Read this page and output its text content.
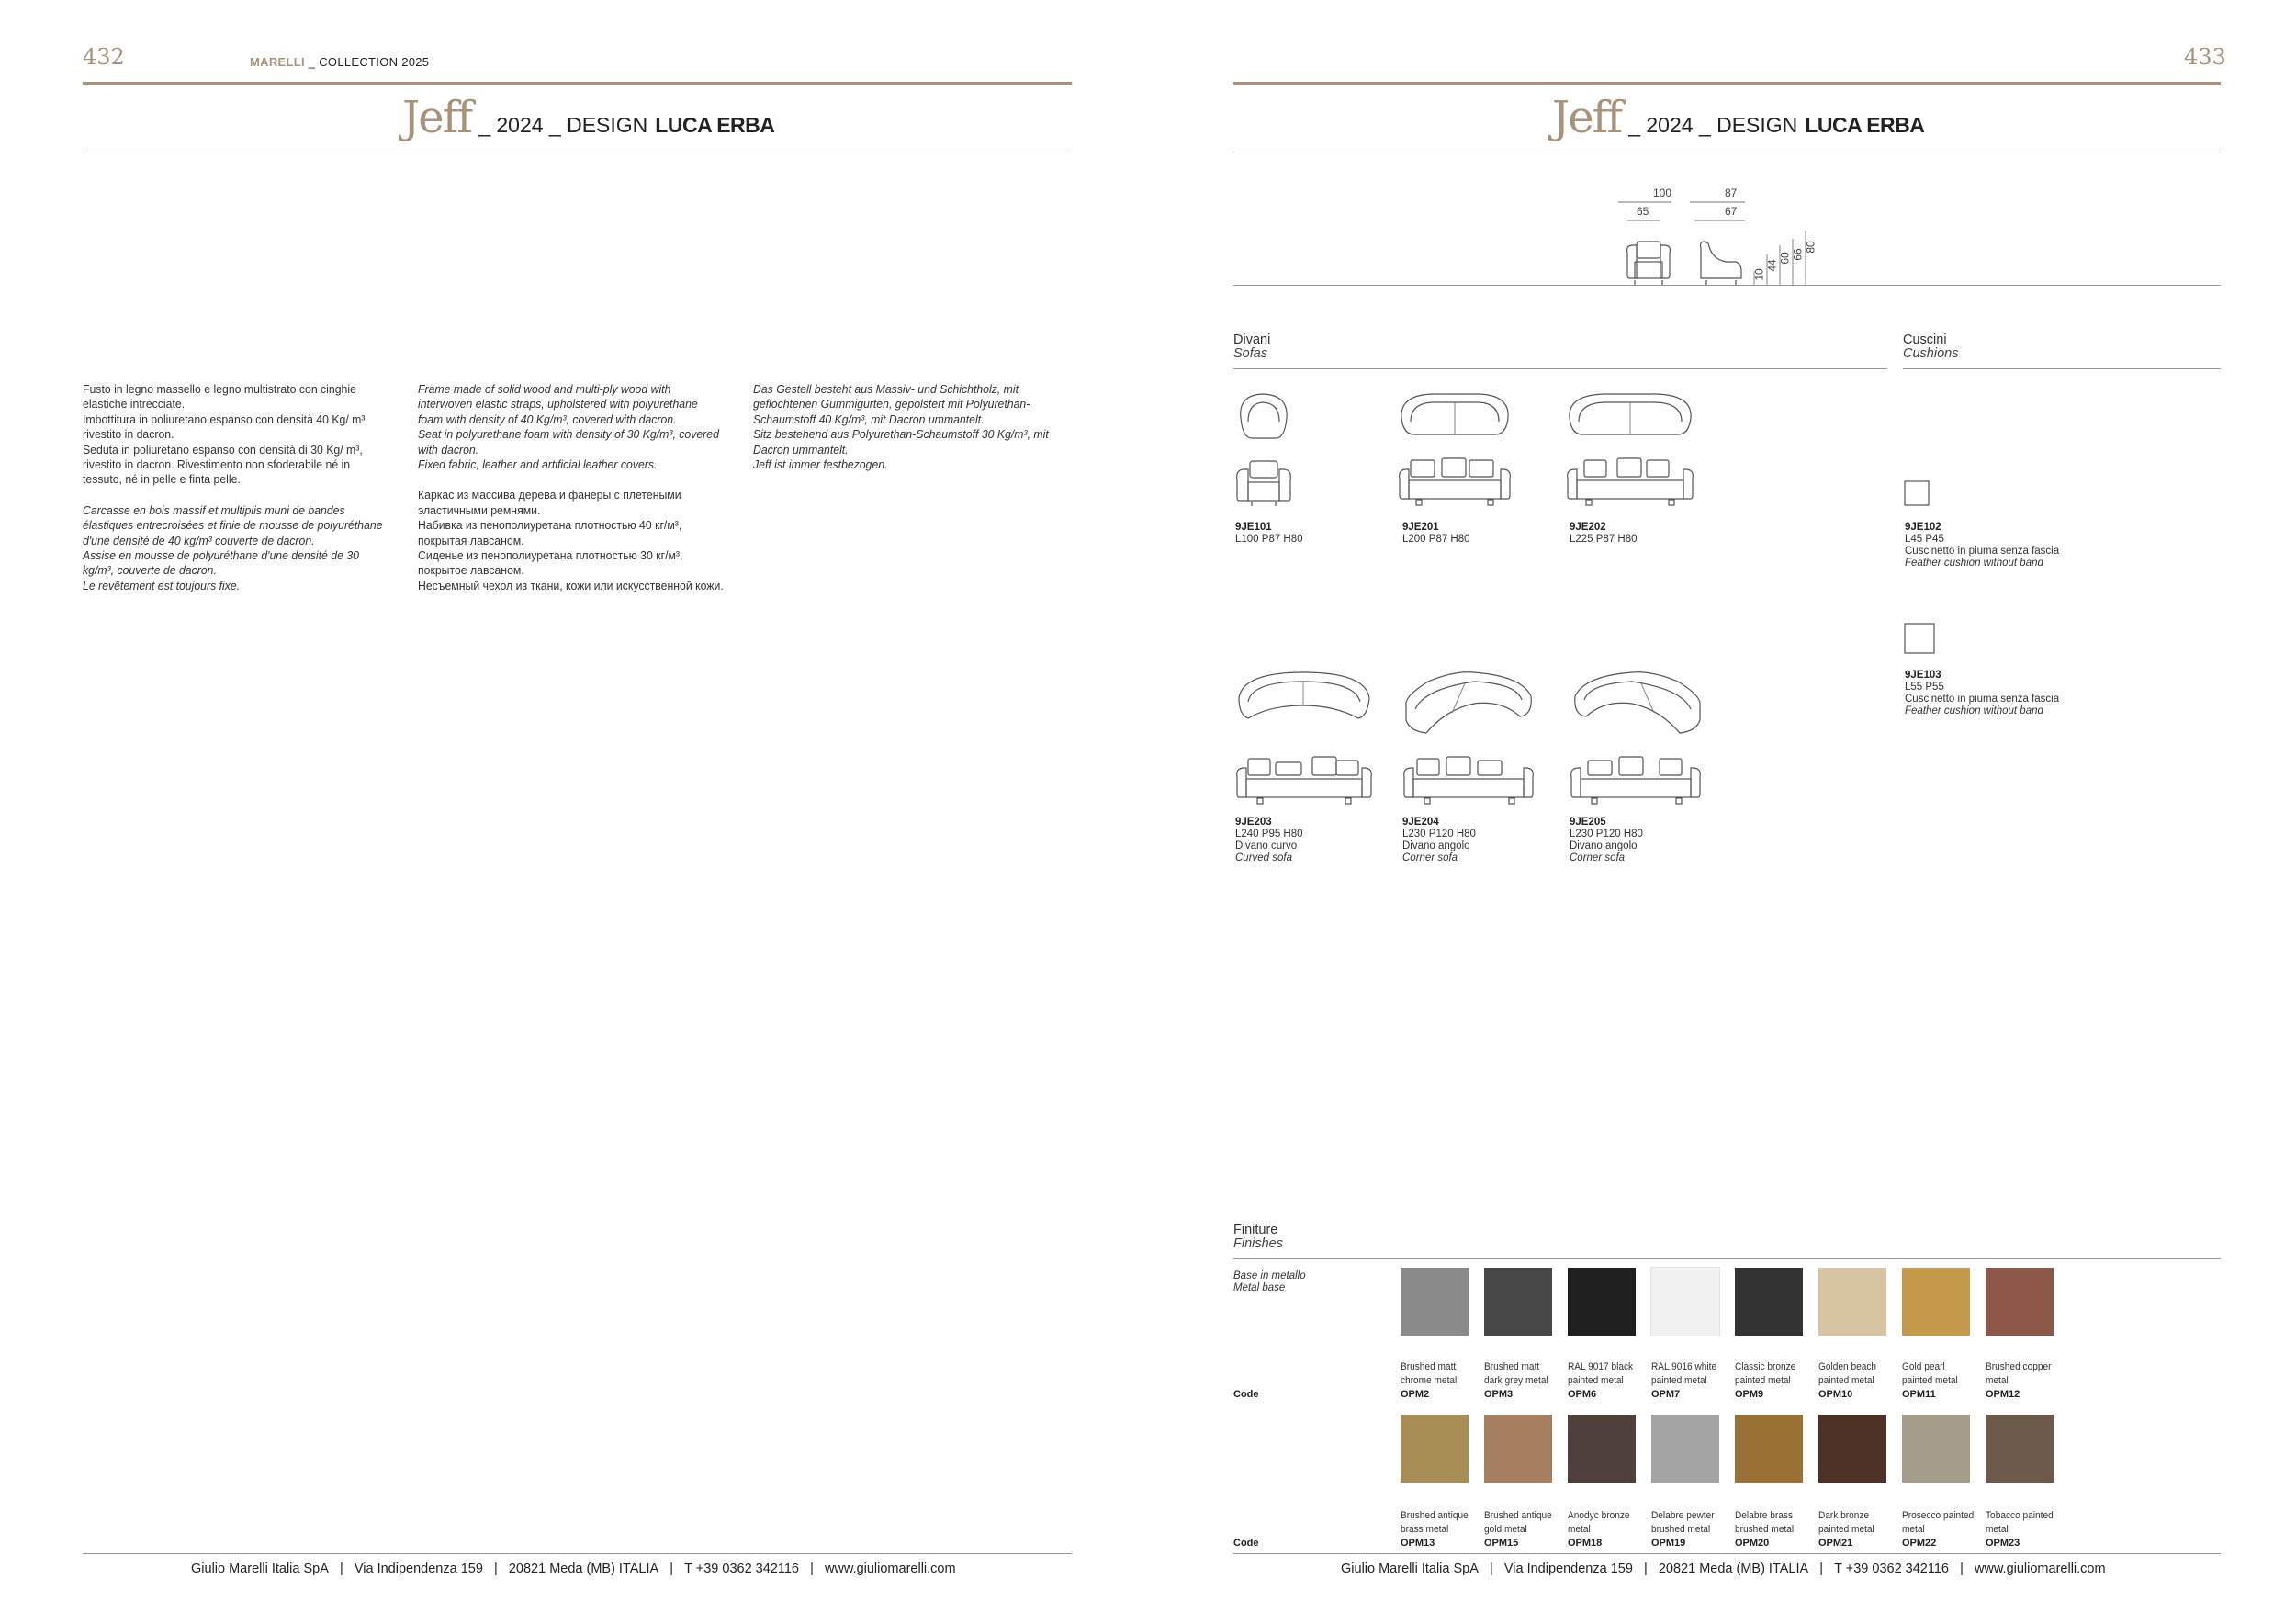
432	MARELLI _ COLLECTION 2025
Jeff _ 2024 _ DESIGN LUCA ERBA

Fusto in legno massello e legno multistrato con cinghie elastiche intrecciate.
Imbottitura in poliuretano espanso con densità 40 Kg/ m³ rivestito in dacron.
Seduta in poliuretano espanso con densità di 30 Kg/ m³, rivestito in dacron. Rivestimento non sfoderabile né in tessuto, né in pelle e finta pelle.

Carcasse en bois massif et multiplis muni de bandes élastiques entrecroisées et finie de mousse de polyuréthane d'une densité de 40 kg/m³ couverte de dacron.
Assise en mousse de polyuréthane d'une densité de 30 kg/m³, couverte de dacron.
Le revêtement est toujours fixe.

Frame made of solid wood and multi-ply wood with interwoven elastic straps, upholstered with polyurethane foam with density of 40 Kg/m³, covered with dacron.
Seat in polyurethane foam with density of 30 Kg/m³, covered with dacron.
Fixed fabric, leather and artificial leather covers.

Каркас из массива дерева и фанеры с плетеными эластичными ремнями.
Набивка из пенополиуретана плотностью 40 кг/м³, покрытая лавсаном.
Сиденье из пенополиуретана плотностью 30 кг/м³, покрытое лавсаном.
Несъемный чехол из ткани, кожи или искусственной кожи.

Das Gestell besteht aus Massiv- und Schichtholz, mit geflochtenen Gummigurten, gepolstert mit Polyurethan-Schaumstoff 40 Kg/m³, mit Dacron ummantelt.
Sitz bestehend aus Polyurethan-Schaumstoff 30 Kg/m³, mit Dacron ummantelt.
Jeff ist immer festbezogen.

Giulio Marelli Italia SpA   |   Via Indipendenza 159   |   20821 Meda (MB) ITALIA   |   T +39 0362 342116   |   www.giuliomarelli.com
433
Jeff _ 2024 _ DESIGN LUCA ERBA
100
65
87
67
10
44
60 66
80
Divani
Sofas
Cuscini
Cushions
9JE101
L100 P87 H80
9JE201
L200 P87 H80
9JE202
L225 P87 H80
9JE102
L45 P45
Cuscinetto in piuma senza fascia
Feather cushion without band
9JE103
L55 P55
Cuscinetto in piuma senza fascia
Feather cushion without band
9JE203
L240 P95 H80
Divano curvo
Curved sofa
9JE204
L230 P120 H80
Divano angolo
Corner sofa
9JE205
L230 P120 H80
Divano angolo
Corner sofa
Finiture
Finishes
Base in metallo
Metal base
Code
Code
Brushed matt chrome metal
OPM2
Brushed matt dark grey metal
OPM3
RAL 9017 black painted metal
OPM6
RAL 9016 white painted metal
OPM7
Classic bronze painted metal
OPM9
Golden beach painted metal
OPM10
Gold pearl painted metal
OPM11
Brushed copper metal
OPM12
Brushed antique brass metal
OPM13
Brushed antique gold metal
OPM15
Anodyc bronze metal
OPM18
Delabre pewter brushed metal
OPM19
Delabre brass brushed metal
OPM20
Dark bronze painted metal
OPM21
Prosecco painted metal
OPM22
Tobacco painted metal
OPM23
Giulio Marelli Italia SpA   |   Via Indipendenza 159   |   20821 Meda (MB) ITALIA   |   T +39 0362 342116   |   www.giuliomarelli.com
